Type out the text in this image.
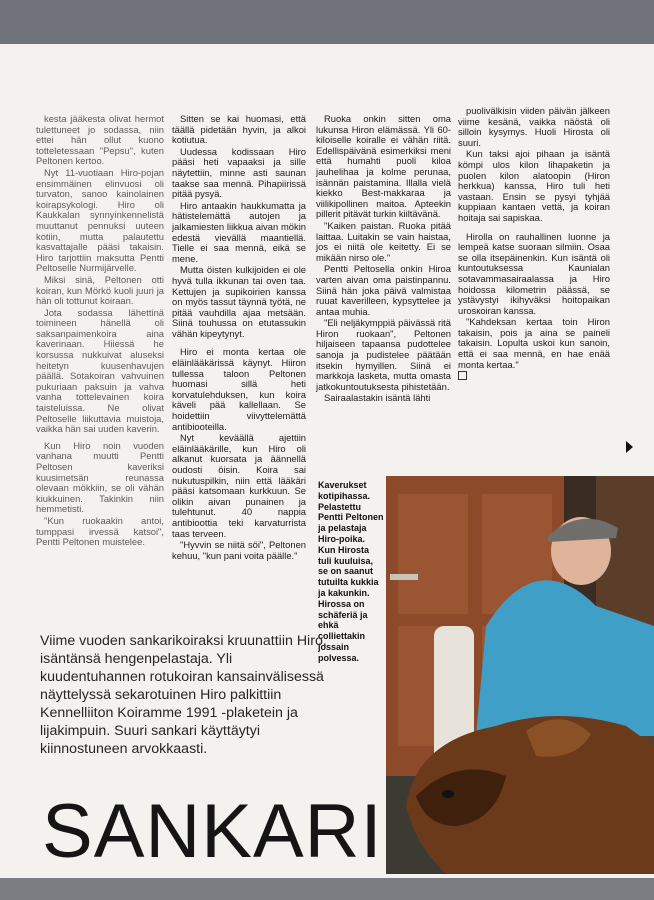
kesta jääkesta olivat hermot tulettuneet jo sodassa, niin ettei hän ollut kuono totteletessaan "Pepsu", kuten Peltonen kertoo.

Nyt 11-vuotiaan Hiro-pojan ensimmäinen elinvuosi oli turvaton, sanoo kainolainen koirapsykologi. Hiro oli Kaukkalan synnyinkennelistä muuttanut pennuksi uuteen kotiin, mutta palautettu kasvattajalle pääsi takaisin. Hiro tarjottiin maksutta Pentti Peltoselle Nurmijärvelle.

Miksi sinä, Peltonen otti koiran, kun Mörkö kuoli juuri ja hän oli tottunut koiraan.

Jota sodassa lähettinä toimineen hänellä oli saksanpaimenkoira aina kaverinaan. Hiiessä he korsussa nukkuivat aluseksi heitetyn kuusenhavujen päällä. Sotakoiran vahvuinen pukuriaan paksuin ja vahva vanha tottelevainen koira taisteluissa. Ne olivat Peltoselle liikuttavia muistoja, vaikka hän sai uuden kaverin.

Kun Hiro noin vuoden vanhana muutti Pentti Peltosen kaveriksi kuusimetsän reunassa olevaan mökkiin, se oli vähän kiukkuinen. Takinkin niin hemmetisti.

"Kun ruokaakin antoi, tumppasi irvessä katsoi", Pentti Peltonen muistelee.

Sitten se kai huomasi, että täällä pidetään hyvin, ja alkoi kotiutua.

Uudessa kodissaan Hiro pääsi heti vapaaksi ja sille näytettiin, minne asti saunan taakse saa mennä. Pihapiirissä pitää pysyä.

Hiro antaakin haukkumatta ja hätistelemättä autojen ja jalkamiesten liikkua aivan mökin edestä vievällä maantiellä. Tielle ei saa mennä, eikä se mene.

Mutta öisten kulkijoiden ei ole hyvä tulla ikkunan tai oven taa. Kettujen ja supikoirien kanssa on myös tassut täynnä työtä, ne pitää vauhdilla ajaa metsään. Siinä touhussa on etutassukin vähän kipeytynyt.

Hiro ei monta kertaa ole eläinlääkärissä käynyt. Hiiron tullessa taloon Peltonen huomasi sillä heti korvatulehduksen, kun koira käveli pää kallellaan. Se hoidettiin viivyttelemättä antibiooteilla.

Nyt keväällä ajettiin eläinlääkärille, kun Hiro oli alkanut kuorsata ja äännellä oudosti öisin. Koira sai nukutuspilkin, niin että lääkäri pääsi katsomaan kurkkuun. Se olikin aivan punainen ja tulehtunut. 40 nappia antibioottia teki karvaturrista taas terveen.

"Hyvvin se niitä söi", Peltonen kehuu, "kun pani voita päälle."

Ruoka onkin sitten oma lukunsa Hiron elämässä. Yli 60-kiloiselle koiralle ei vähän riitä. Edellispäivänä esimerkiksi meni että humahti puoli kiloa jauhelihaa ja kolme perunaa, isännän paistamina. Illalla vielä kiekko Best-makkaraa ja viilikipollinen maitoa. Apteekin pillerit pitävät turkin kiiltävänä.

"Kaiken paistan. Ruoka pitää laittaa. Luitakin se vain haistaa, jos ei niitä ole keitetty. Ei se mikään nirso ole."

Pentti Peltosella onkin Hiroa varten aivan oma paistinpannu. Siinä hän joka päivä valmistaa ruuat kaverilleen, kypsyttelee ja antaa muhia.

"Eli neljäkymppiä päivässä ritä Hiron ruokaan", Peltonen hiljaiseen tapaansa pudottelee sanoja ja pudistelee päätään itsekin hymyillen. Siinä ei markkoja lasketa, mutta omasta jatkokuntoutuksesta pihistetään.

Sairaalastakin isäntä lähti

puolivälkisin viiden päivän jälkeen viime kesänä, vaikka näöstä oli silloin kysymys. Huoli Hirosta oli suuri.

Kun taksi ajoi pihaan ja isäntä kömpi ulos kilon lihapaketin ja puolen kilon alatoopin (Hiron herkkua) kanssa, Hiro tuli heti vastaan. Ensin se pysyi tyhjää kuppiaan kantaen vettä, ja koiran hoitaja sai sapiskaa.

Hirolla on rauhallinen luonne ja lempeä katse suoraan silmiin. Osaa se olla itsepäinenkin. Kun isäntä oli kuntoutuksessa Kaunialan sotavammasairaalassa ja Hiro hoidossa kilometrin päässä, se ystävystyi ikihyväksi hoitopaikan urosкoiran kanssa.

"Kahdeksan kertaa toin Hiron takaisin, pois ja aina se paineli takaisin. Lopulta uskoi kun sanoin, että ei saa mennä, en hae enää monta kertaa."

Kaverukset kotipihassa. Pelastettu Pentti Peltonen ja pelastaja Hiro-poika. Kun Hirosta tuli kuuluisa, se on saanut tutuilta kukkia ja kakunkin. Hirossa on schäferiä ja ehkä colliettakin jossain polvessa.
Viime vuoden sankarikoiraksi kruunattiin Hiro, isäntänsä hengenpelastaja. Yli kuudentuhannen rotukoiran kansainvälisessä näyttelyssä sekarotuinen Hiro palkittiin Kennelliiton Koiramme 1991 -plaketein ja lijakimpuin. Suuri sankari käyttäytyi kiinnostuneen arvokkaasti.
SANKARI
